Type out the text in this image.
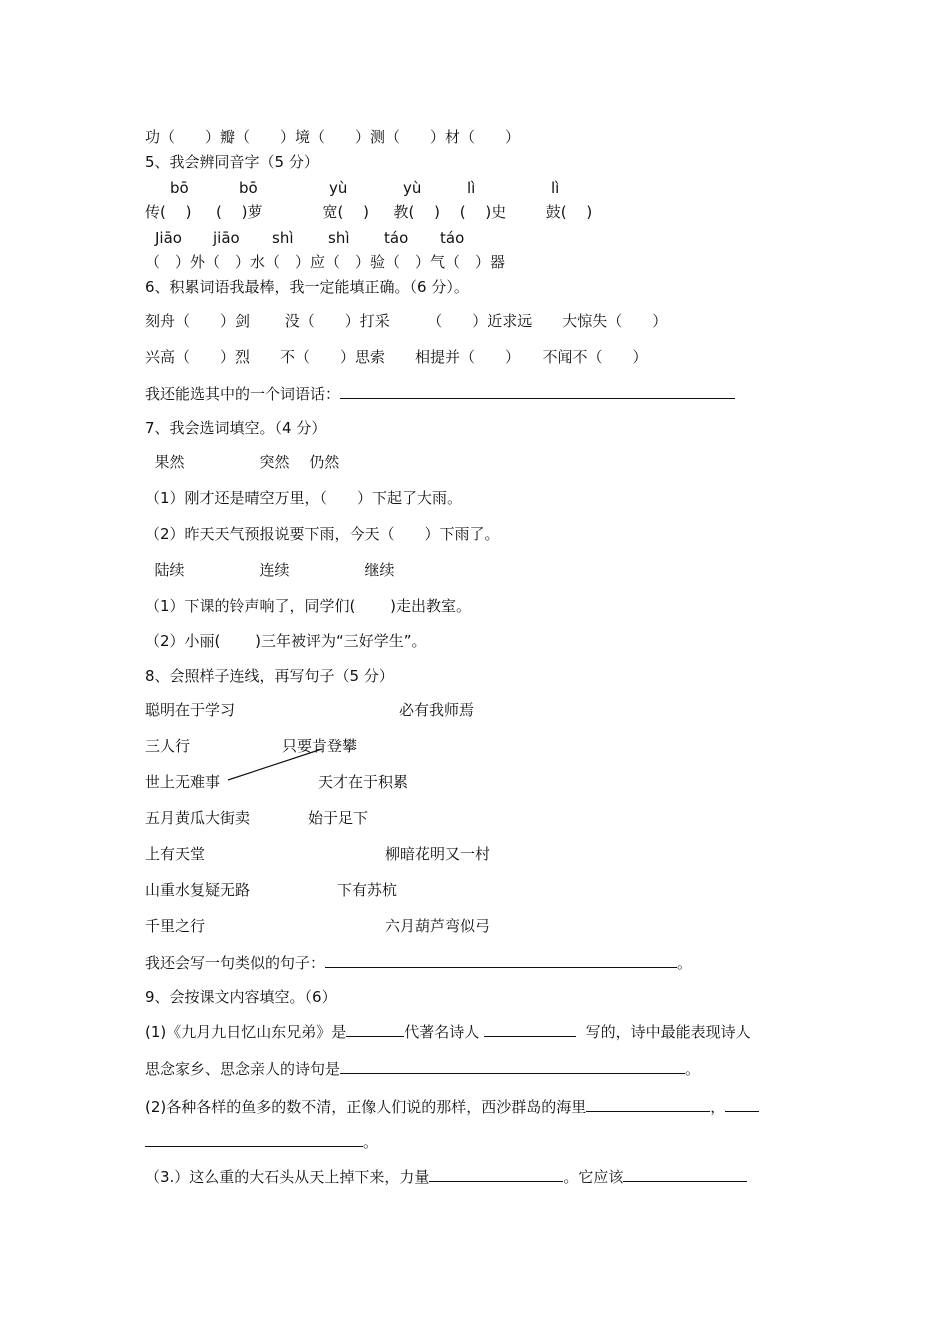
功（　　）瓣（　　）境（　　）测（　　）材（　　）
5、我会辨同音字（5 分）
bō	bō	yù	yù	lì	lì
传(　 )　  (　 )萝　　　　宽(　 )　  教(　 )　 (　 )史　　  鼓(　 )
Jiāo jiāo shì shì táo táo
（　）外（　）水（　）应（　）验（　）气（　）器
6、积累词语我最棒，我一定能填正确。（6 分）。
刻舟（　　）剑　　 没（　　）打采　　　（　　）近求远　　大惊失（　　）
兴高（　　）烈　　不（　　）思索　　相提并（　　）　　不闻不（　　）
我还能选其中的一个词语话：
7、我会选词填空。（4 分）
果然　　　　　突然　 仍然
（1）刚才还是晴空万里，（　　）下起了大雨。
（2）昨天天气预报说要下雨，今天（　　）下雨了。
陆续　　　　　连续　　　　　继续
（1）下课的铃声响了，同学们(　　 )走出教室。
（2）小丽(　　 )三年被评为“三好学生”。
8、会照样子连线，再写句子（5 分）
聪明在于学习	必有我师焉
三人行	只要肯登攀
世上无难事	天才在于积累
五月黄瓜大街卖	始于足下
上有天堂	柳暗花明又一村
山重水复疑无路	下有苏杭
千里之行	六月葫芦弯似弓
我还会写一句类似的句子：	。
9、会按课文内容填空。（6）
(1)《九月九日忆山东兄弟》是	代著名诗人	写的，诗中最能表现诗人
思念家乡、思念亲人的诗句是	。
(2)各种各样的鱼多的数不清，正像人们说的那样，西沙群岛的海里	，
。
（3.）这么重的大石头从天上掉下来，力量	。它应该
